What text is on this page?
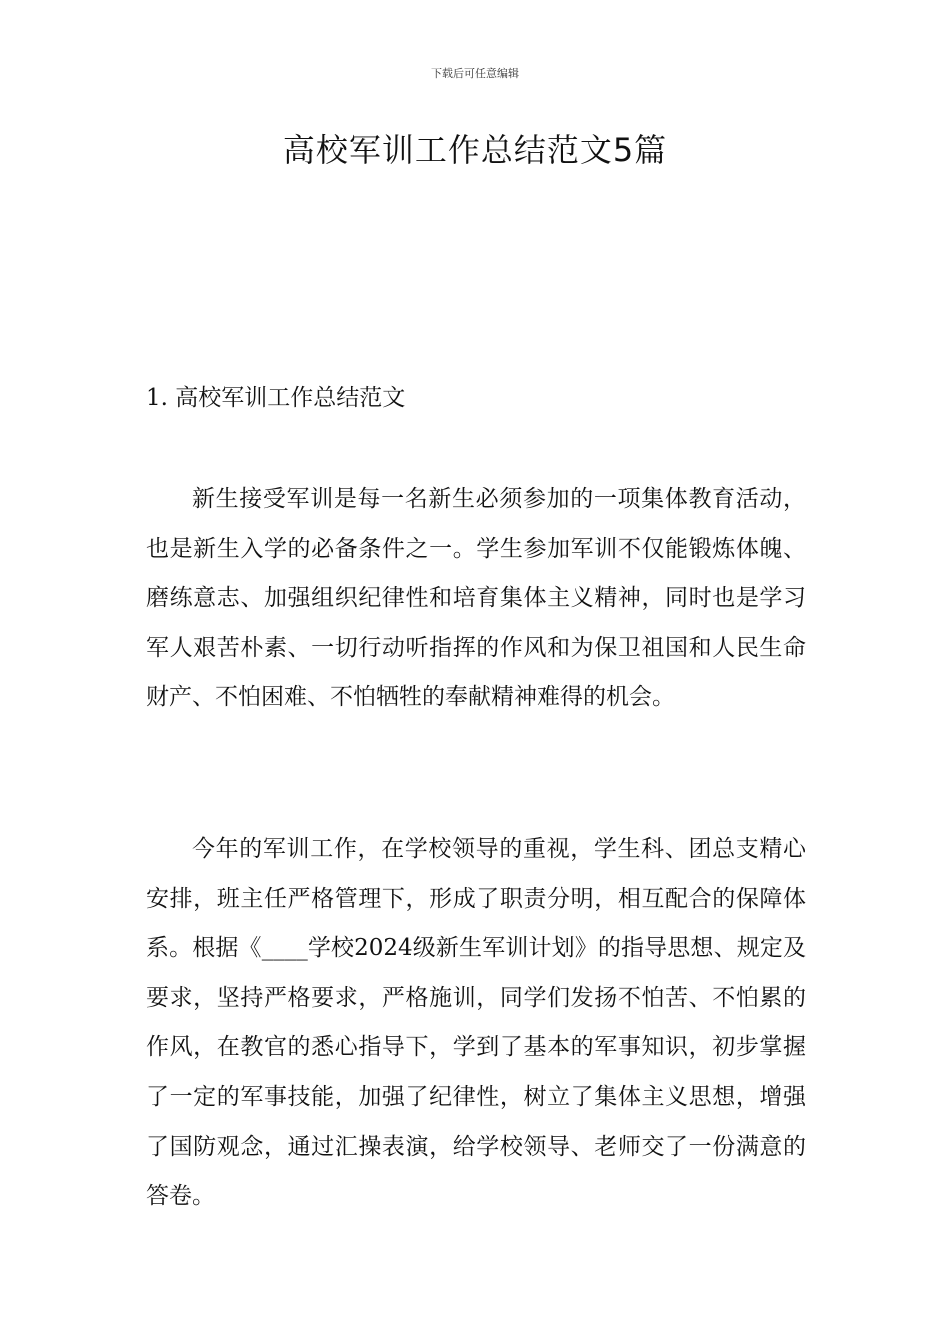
下载后可任意编辑
高校军训工作总结范文5篇
1. 高校军训工作总结范文

新生接受军训是每一名新生必须参加的一项集体教育活动，也是新生入学的必备条件之一。学生参加军训不仅能锻炼体魄、磨练意志、加强组织纪律性和培育集体主义精神，同时也是学习军人艰苦朴素、一切行动听指挥的作风和为保卫祖国和人民生命财产、不怕困难、不怕牺牲的奉献精神难得的机会。

今年的军训工作，在学校领导的重视，学生科、团总支精心安排，班主任严格管理下，形成了职责分明，相互配合的保障体系。根据《____学校2024级新生军训计划》的指导思想、规定及要求，坚持严格要求，严格施训，同学们发扬不怕苦、不怕累的作风，在教官的悉心指导下，学到了基本的军事知识，初步掌握了一定的军事技能，加强了纪律性，树立了集体主义思想，增强了国防观念，通过汇操表演，给学校领导、老师交了一份满意的答卷。
